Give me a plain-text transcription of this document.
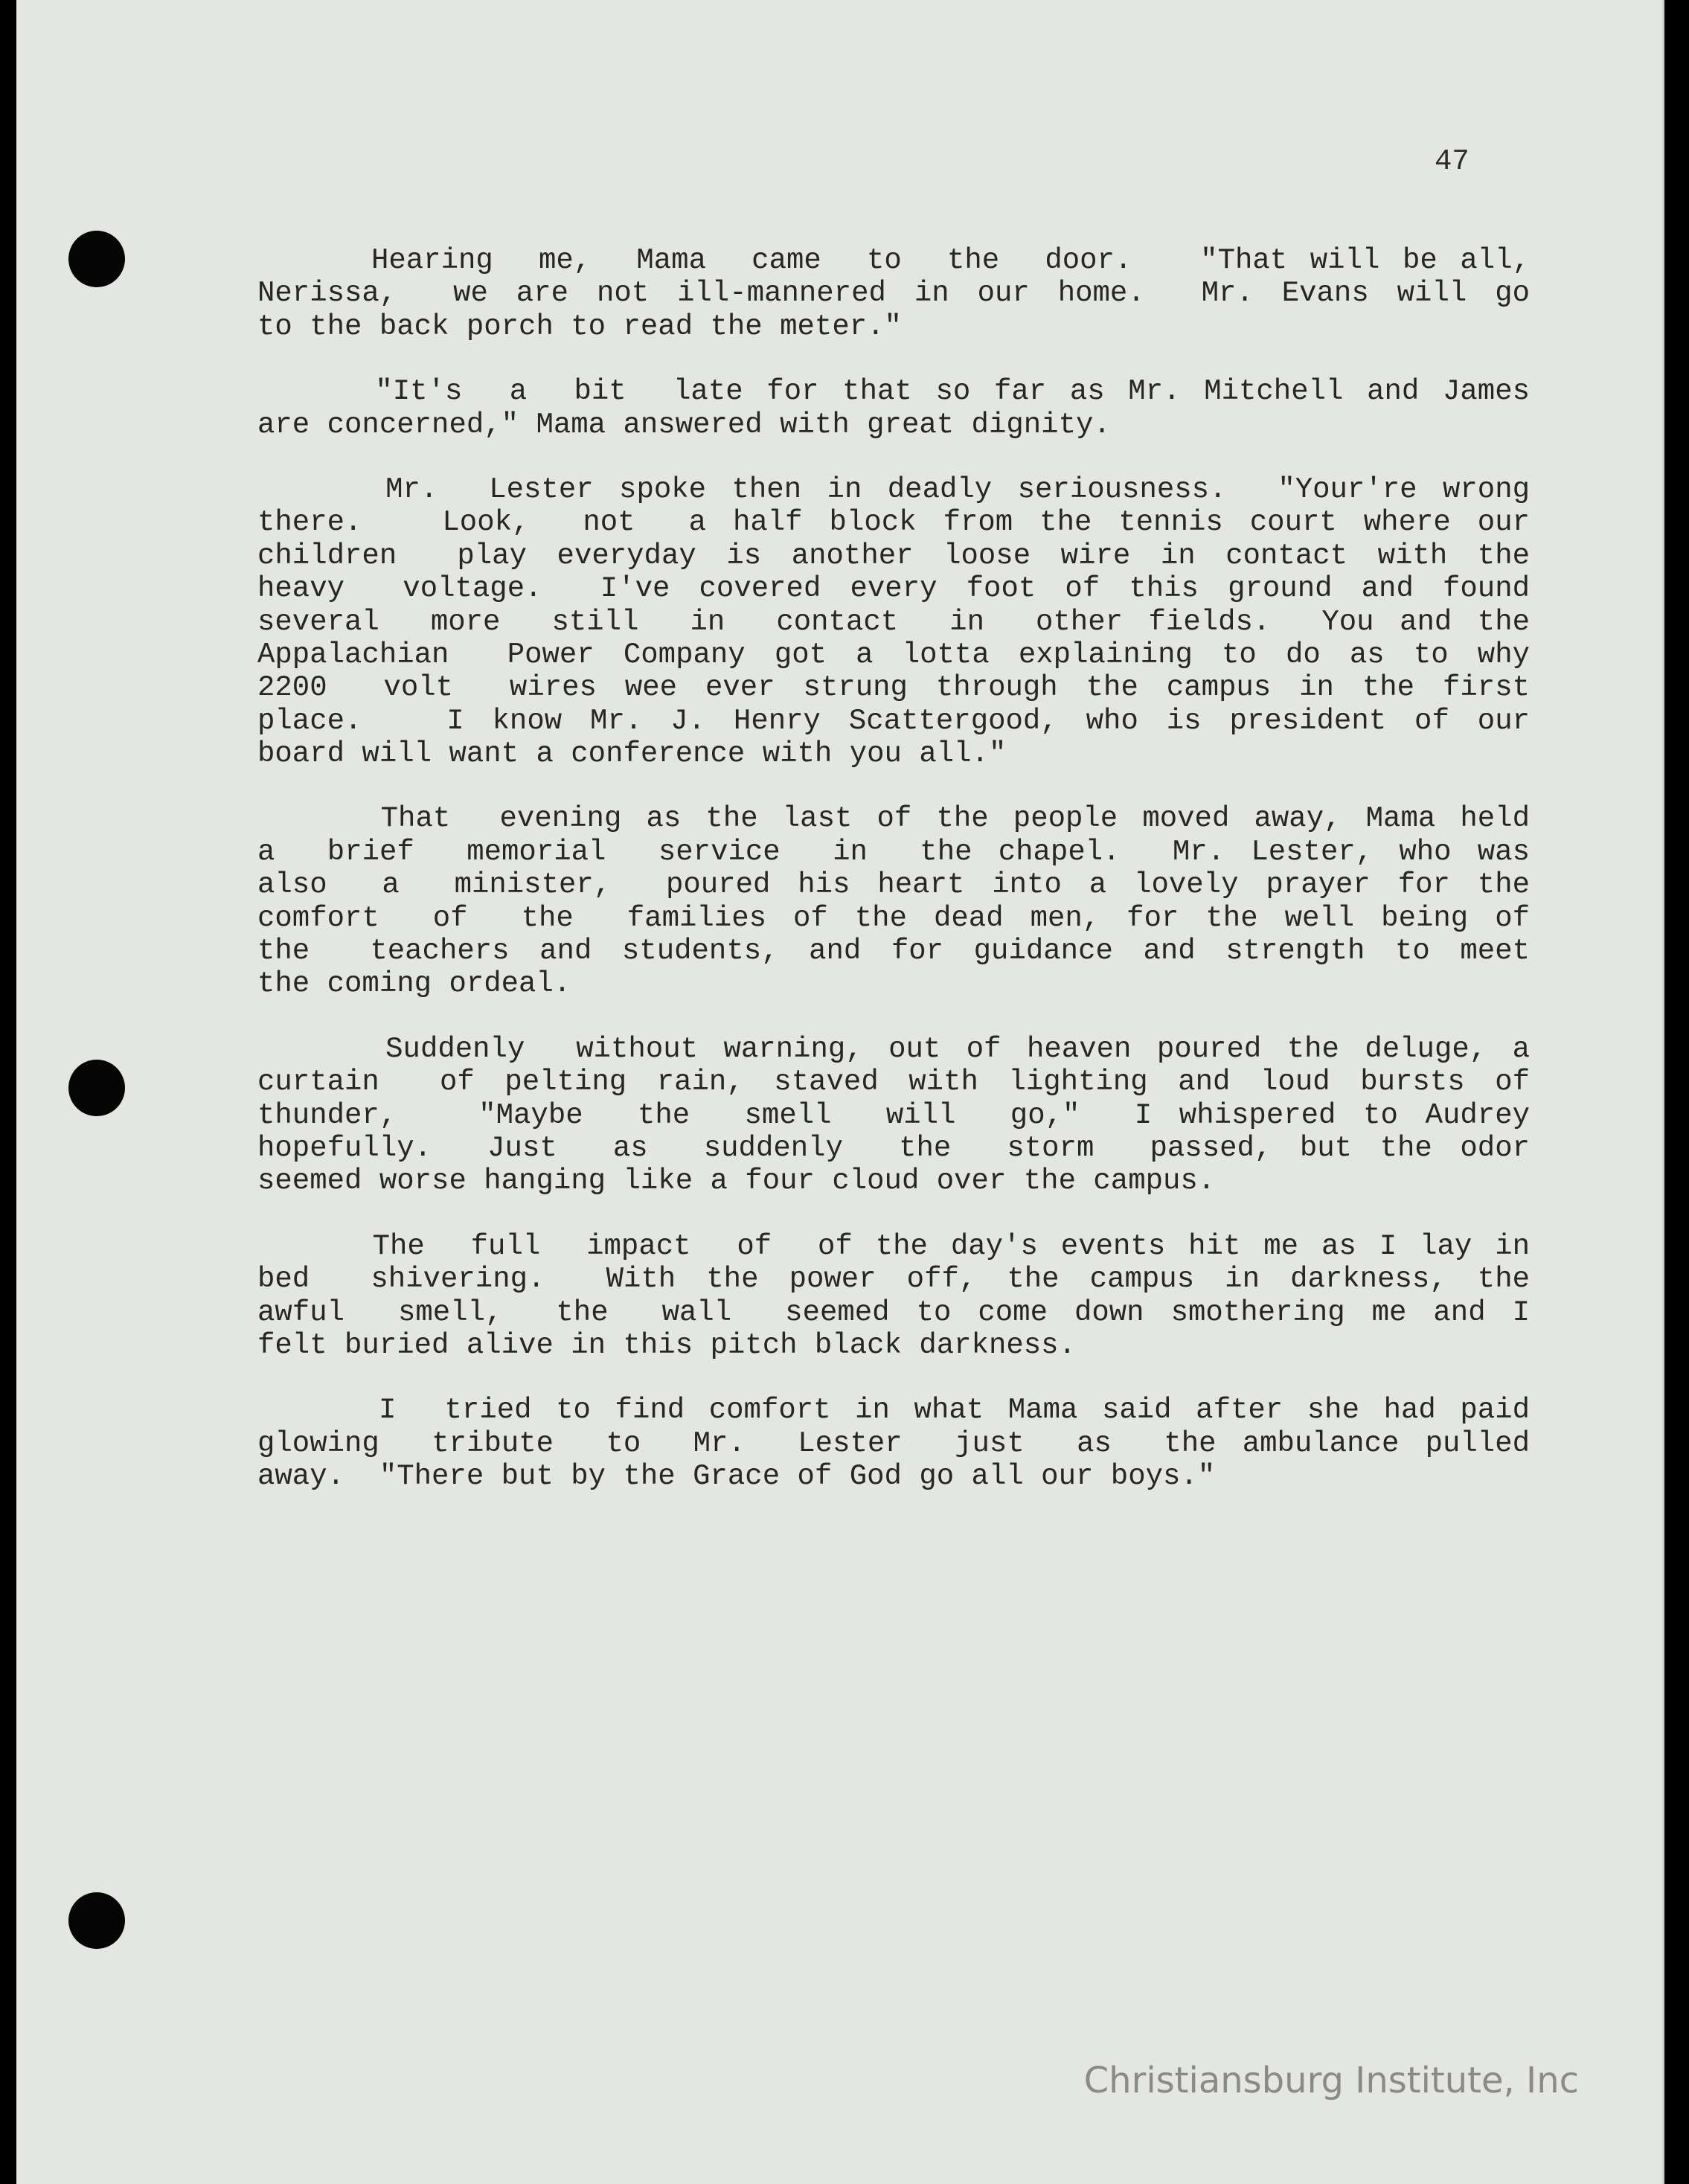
47
Hearing  me,  Mama  came  to  the  door.   "That will be all,
Nerissa,  we are not ill-mannered in our home.  Mr. Evans will go
to the back porch to read the meter."
"It's  a  bit  late for that so far as Mr. Mitchell and James
are concerned," Mama answered with great dignity.
Mr.  Lester spoke then in deadly seriousness.  "Your're wrong
there.   Look,  not  a half block from the tennis court where our
children  play everyday is another loose wire in contact with the
heavy  voltage.  I've covered every foot of this ground and found
several  more  still  in  contact  in  other fields.  You and the
Appalachian  Power Company got a lotta explaining to do as to why
2200  volt  wires wee ever strung through the campus in the first
place.   I know Mr. J. Henry Scattergood, who is president of our
board will want a conference with you all."
That  evening as the last of the people moved away, Mama held
a  brief  memorial  service  in  the chapel.  Mr. Lester, who was
also  a  minister,  poured his heart into a lovely prayer for the
comfort  of  the  families of the dead men, for the well being of
the  teachers and students, and for guidance and strength to meet
the coming ordeal.
Suddenly  without warning, out of heaven poured the deluge, a
curtain  of pelting rain, staved with lighting and loud bursts of
thunder,   "Maybe  the  smell  will  go,"  I whispered to Audrey
hopefully.  Just  as  suddenly  the  storm  passed, but the odor
seemed worse hanging like a four cloud over the campus.
The  full  impact  of  of the day's events hit me as I lay in
bed  shivering.  With the power off, the campus in darkness, the
awful  smell,  the  wall  seemed to come down smothering me and I
felt buried alive in this pitch black darkness.
I  tried to find comfort in what Mama said after she had paid
glowing  tribute  to  Mr.  Lester  just  as  the ambulance pulled
away.  "There but by the Grace of God go all our boys."
Christiansburg Institute, Inc
